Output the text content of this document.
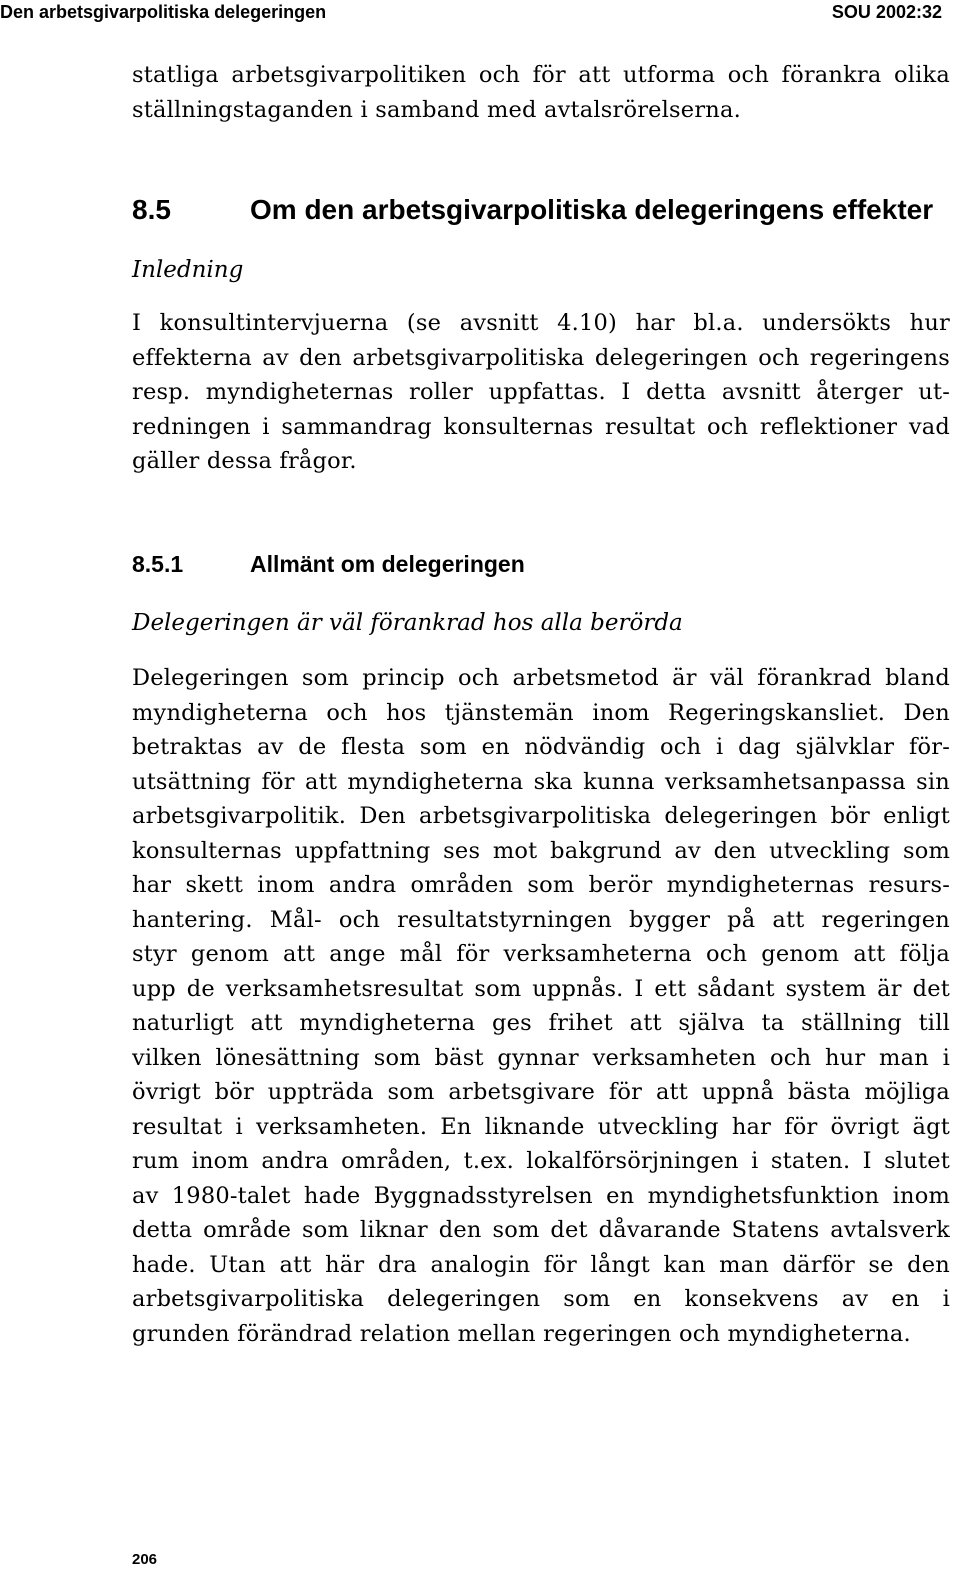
Den arbetsgivarpolitiska delegeringen	SOU 2002:32
statliga arbetsgivarpolitiken och för att utforma och förankra olika
ställningstaganden i samband med avtalsrörelserna.
8.5	Om den arbetsgivarpolitiska delegeringens effekter
Inledning
I konsultintervjuerna (se avsnitt 4.10) har bl.a. undersökts hur
effekterna av den arbetsgivarpolitiska delegeringen och regeringens
resp. myndigheternas roller uppfattas. I detta avsnitt återger ut-
redningen i sammandrag konsulternas resultat och reflektioner vad
gäller dessa frågor.
8.5.1	Allmänt om delegeringen
Delegeringen är väl förankrad hos alla berörda
Delegeringen som princip och arbetsmetod är väl förankrad bland
myndigheterna och hos tjänstemän inom Regeringskansliet. Den
betraktas av de flesta som en nödvändig och i dag självklar för-
utsättning för att myndigheterna ska kunna verksamhetsanpassa sin
arbetsgivarpolitik. Den arbetsgivarpolitiska delegeringen bör enligt
konsulternas uppfattning ses mot bakgrund av den utveckling som
har skett inom andra områden som berör myndigheternas resurs-
hantering. Mål- och resultatstyrningen bygger på att regeringen
styr genom att ange mål för verksamheterna och genom att följa
upp de verksamhetsresultat som uppnås. I ett sådant system är det
naturligt att myndigheterna ges frihet att själva ta ställning till
vilken lönesättning som bäst gynnar verksamheten och hur man i
övrigt bör uppträda som arbetsgivare för att uppnå bästa möjliga
resultat i verksamheten. En liknande utveckling har för övrigt ägt
rum inom andra områden, t.ex. lokalförsörjningen i staten. I slutet
av 1980-talet hade Byggnadsstyrelsen en myndighetsfunktion inom
detta område som liknar den som det dåvarande Statens avtalsverk
hade. Utan att här dra analogin för långt kan man därför se den
arbetsgivarpolitiska delegeringen som en konsekvens av en i
grunden förändrad relation mellan regeringen och myndigheterna.
206
